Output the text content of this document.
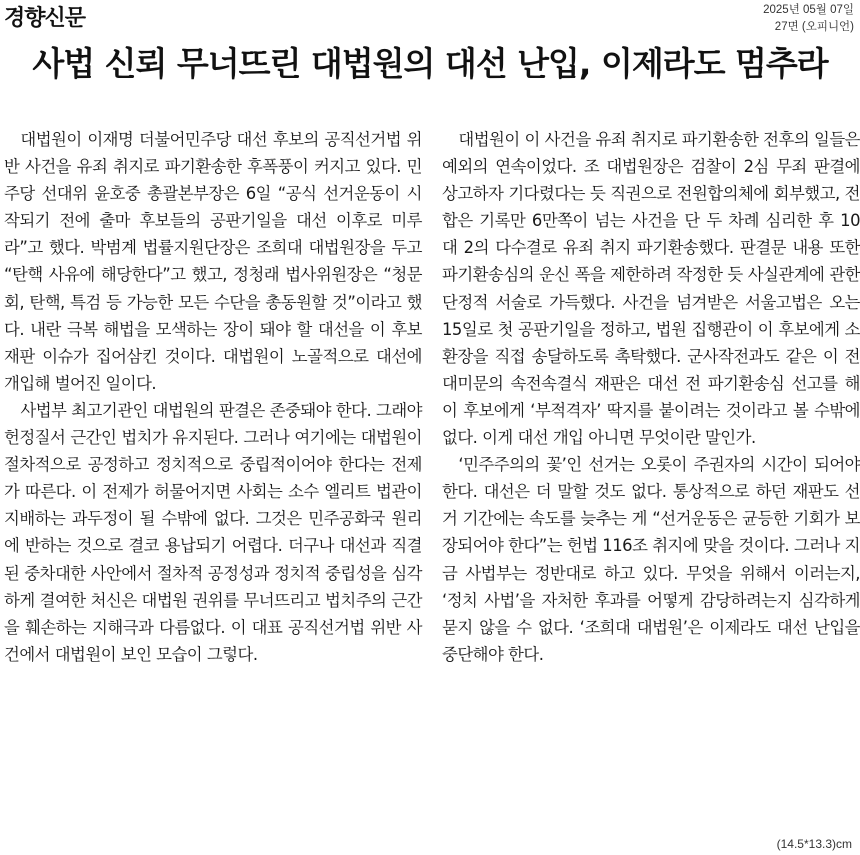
경향신문	2025년 05월 07일
27면 (오피니언)
사법 신뢰 무너뜨린 대법원의 대선 난입, 이제라도 멈추라

대법원이 이재명 더불어민주당 대선 후보의 공직선거법 위반 사건을 유죄 취지로 파기환송한 후폭풍이 커지고 있다. 민주당 선대위 윤호중 총괄본부장은 6일 “공식 선거운동이 시작되기 전에 출마 후보들의 공판기일을 대선 이후로 미루라”고 했다. 박범계 법률지원단장은 조희대 대법원장을 두고 “탄핵 사유에 해당한다”고 했고, 정청래 법사위원장은 “청문회, 탄핵, 특검 등 가능한 모든 수단을 총동원할 것”이라고 했다. 내란 극복 해법을 모색하는 장이 돼야 할 대선을 이 후보 재판 이슈가 집어삼킨 것이다. 대법원이 노골적으로 대선에 개입해 벌어진 일이다.

사법부 최고기관인 대법원의 판결은 존중돼야 한다. 그래야 헌정질서 근간인 법치가 유지된다. 그러나 여기에는 대법원이 절차적으로 공정하고 정치적으로 중립적이어야 한다는 전제가 따른다. 이 전제가 허물어지면 사회는 소수 엘리트 법관이 지배하는 과두정이 될 수밖에 없다. 그것은 민주공화국 원리에 반하는 것으로 결코 용납되기 어렵다. 더구나 대선과 직결된 중차대한 사안에서 절차적 공정성과 정치적 중립성을 심각하게 결여한 처신은 대법원 권위를 무너뜨리고 법치주의 근간을 훼손하는 지해극과 다름없다. 이 대표 공직선거법 위반 사건에서 대법원이 보인 모습이 그렇다.

대법원이 이 사건을 유죄 취지로 파기환송한 전후의 일들은 예외의 연속이었다. 조 대법원장은 검찰이 2심 무죄 판결에 상고하자 기다렸다는 듯 직권으로 전원합의체에 회부했고, 전합은 기록만 6만쪽이 넘는 사건을 단 두 차례 심리한 후 10 대 2의 다수결로 유죄 취지 파기환송했다. 판결문 내용 또한 파기환송심의 운신 폭을 제한하려 작정한 듯 사실관계에 관한 단정적 서술로 가득했다. 사건을 넘겨받은 서울고법은 오는 15일로 첫 공판기일을 정하고, 법원 집행관이 이 후보에게 소환장을 직접 송달하도록 촉탁했다. 군사작전과도 같은 이 전대미문의 속전속결식 재판은 대선 전 파기환송심 선고를 해 이 후보에게 ‘부적격자’ 딱지를 붙이려는 것이라고 볼 수밖에 없다. 이게 대선 개입 아니면 무엇이란 말인가.

‘민주주의의 꽃’인 선거는 오롯이 주권자의 시간이 되어야 한다. 대선은 더 말할 것도 없다. 통상적으로 하던 재판도 선거 기간에는 속도를 늦추는 게 “선거운동은 균등한 기회가 보장되어야 한다”는 헌법 116조 취지에 맞을 것이다. 그러나 지금 사법부는 정반대로 하고 있다. 무엇을 위해서 이러는지, ‘정치 사법’을 자처한 후과를 어떻게 감당하려는지 심각하게 묻지 않을 수 없다. ‘조희대 대법원’은 이제라도 대선 난입을 중단해야 한다.

(14.5*13.3)cm
